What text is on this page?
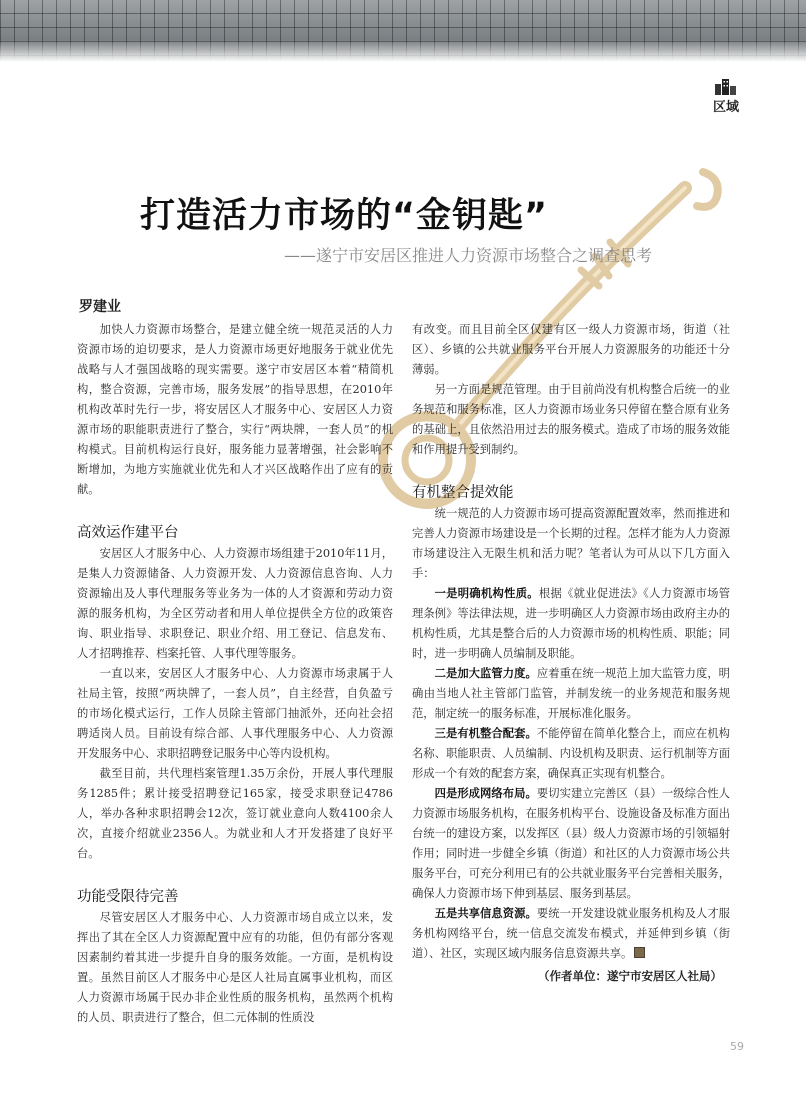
区域
打造活力市场的“金钥匙”

——遂宁市安居区推进人力资源市场整合之调查思考

罗建业

加快人力资源市场整合，是建立健全统一规范灵活的人力资源市场的迫切要求，是人力资源市场更好地服务于就业优先战略与人才强国战略的现实需要。遂宁市安居区本着“精简机构，整合资源，完善市场，服务发展”的指导思想，在2010年机构改革时先行一步，将安居区人才服务中心、安居区人力资源市场的职能职责进行了整合，实行“两块牌，一套人员”的机构模式。目前机构运行良好，服务能力显著增强，社会影响不断增加，为地方实施就业优先和人才兴区战略作出了应有的贡献。

高效运作建平台

安居区人才服务中心、人力资源市场组建于2010年11月，是集人力资源储备、人力资源开发、人力资源信息咨询、人力资源输出及人事代理服务等业务为一体的人才资源和劳动力资源的服务机构，为全区劳动者和用人单位提供全方位的政策咨询、职业指导、求职登记、职业介绍、用工登记、信息发布、人才招聘推荐、档案托管、人事代理等服务。

一直以来，安居区人才服务中心、人力资源市场隶属于人社局主管，按照“两块牌了，一套人员”，自主经营，自负盈亏的市场化模式运行，工作人员除主管部门抽派外，还向社会招聘适岗人员。目前设有综合部、人事代理服务中心、人力资源开发服务中心、求职招聘登记服务中心等内设机构。

截至目前，共代理档案管理1.35万余份，开展人事代理服务1285件；累计接受招聘登记165家，接受求职登记4786人，举办各种求职招聘会12次，签订就业意向人数4100余人次，直接介绍就业2356人。为就业和人才开发搭建了良好平台。

功能受限待完善

尽管安居区人才服务中心、人力资源市场自成立以来，发挥出了其在全区人力资源配置中应有的功能，但仍有部分客观因素制约着其进一步提升自身的服务效能。一方面，是机构设置。虽然目前区人才服务中心是区人社局直属事业机构，而区人力资源市场属于民办非企业性质的服务机构，虽然两个机构的人员、职责进行了整合，但二元体制的性质没

有改变。而且目前全区仅建有区一级人力资源市场，街道（社区）、乡镇的公共就业服务平台开展人力资源服务的功能还十分薄弱。

另一方面是规范管理。由于目前尚没有机构整合后统一的业务规范和服务标准，区人力资源市场业务只停留在整合原有业务的基础上，且依然沿用过去的服务模式。造成了市场的服务效能和作用提升受到制约。

有机整合提效能

统一规范的人力资源市场可提高资源配置效率，然而推进和完善人力资源市场建设是一个长期的过程。怎样才能为人力资源市场建设注入无限生机和活力呢？笔者认为可从以下几方面入手：

一是明确机构性质。根据《就业促进法》《人力资源市场管理条例》等法律法规，进一步明确区人力资源市场由政府主办的机构性质，尤其是整合后的人力资源市场的机构性质、职能；同时，进一步明确人员编制及职能。

二是加大监管力度。应着重在统一规范上加大监管力度，明确由当地人社主管部门监管，并制发统一的业务规范和服务规范，制定统一的服务标准，开展标准化服务。

三是有机整合配套。不能停留在简单化整合上，而应在机构名称、职能职责、人员编制、内设机构及职责、运行机制等方面形成一个有效的配套方案，确保真正实现有机整合。

四是形成网络布局。要切实建立完善区（县）一级综合性人力资源市场服务机构，在服务机构平台、设施设备及标准方面出台统一的建设方案，以发挥区（县）级人力资源市场的引领辐射作用；同时进一步健全乡镇（街道）和社区的人力资源市场公共服务平台，可充分利用已有的公共就业服务平台完善相关服务，确保人力资源市场下伸到基层、服务到基层。

五是共享信息资源。要统一开发建设就业服务机构及人才服务机构网络平台，统一信息交流发布模式，并延伸到乡镇（街道）、社区，实现区域内服务信息资源共享。

（作者单位：遂宁市安居区人社局）
59
